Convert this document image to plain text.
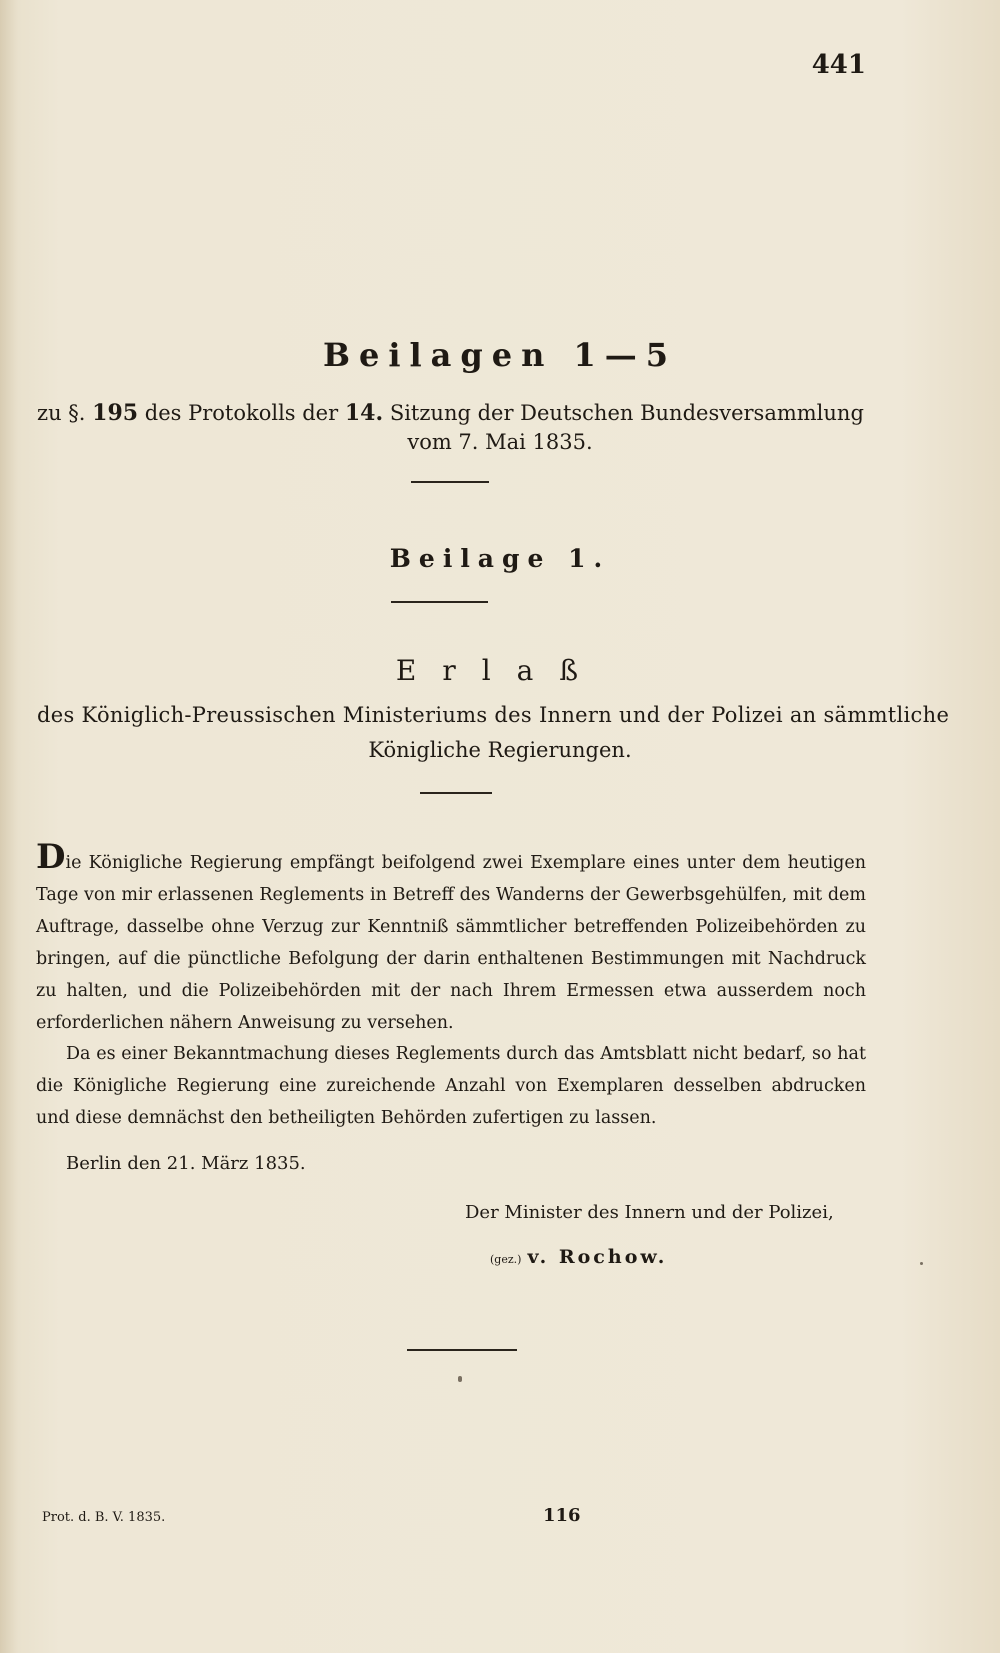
441
Beilagen 1—5
zu §. 195 des Protokolls der 14. Sitzung der Deutschen Bundesversammlung
vom 7. Mai 1835.
Beilage 1.
Erlaß
des Königlich-Preussischen Ministeriums des Innern und der Polizei an sämmtliche
Königliche Regierungen.
Die Königliche Regierung empfängt beifolgend zwei Exemplare eines unter dem heutigen Tage von mir erlassenen Reglements in Betreff des Wanderns der Gewerbsgehülfen, mit dem Auftrage, dasselbe ohne Verzug zur Kenntniß sämmtlicher betreffenden Polizeibehörden zu bringen, auf die pünctliche Befolgung der darin enthaltenen Bestimmungen mit Nachdruck zu halten, und die Polizeibehörden mit der nach Ihrem Ermessen etwa ausserdem noch erforderlichen nähern Anweisung zu versehen.
Da es einer Bekanntmachung dieses Reglements durch das Amtsblatt nicht bedarf, so hat die Königliche Regierung eine zureichende Anzahl von Exemplaren desselben abdrucken und diese demnächst den betheiligten Behörden zufertigen zu lassen.
Berlin den 21. März 1835.
Der Minister des Innern und der Polizei,
(gez.) v. Rochow.
Prot. d. B. V. 1835.	116
